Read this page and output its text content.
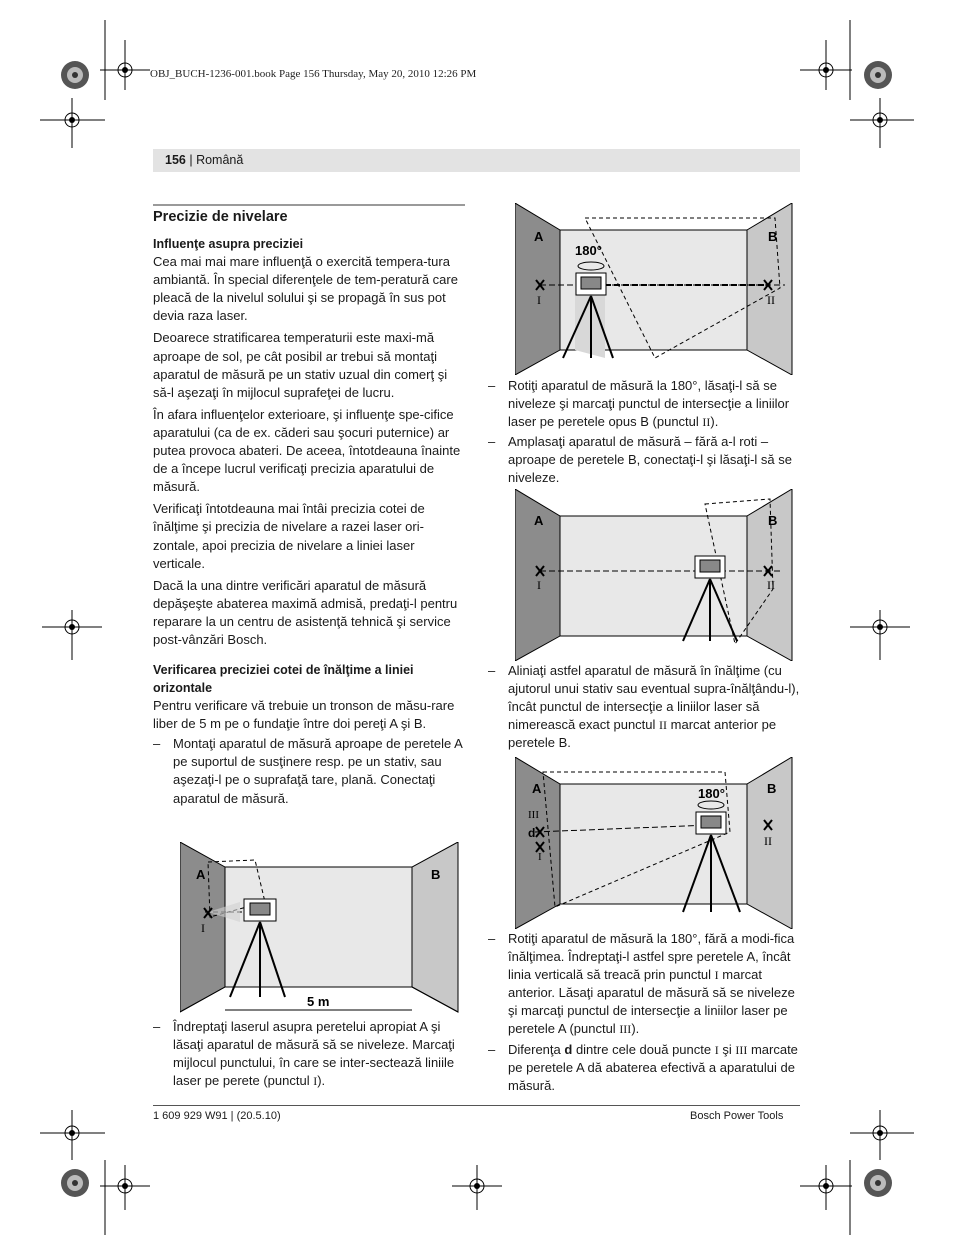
OBJ_BUCH-1236-001.book Page 156 Thursday, May 20, 2010 12:26 PM
156 | Română
Precizie de nivelare
Influenţe asupra preciziei

Cea mai mai mare influenţă o exercită tempera-tura ambiantă. În special diferenţele de tem-peratură care pleacă de la nivelul solului şi se propagă în sus pot devia raza laser.

Deoarece stratificarea temperaturii este maxi-mă aproape de sol, pe cât posibil ar trebui să montaţi aparatul de măsură pe un stativ uzual din comerţ şi să-l aşezaţi în mijlocul suprafeţei de lucru.

În afara influenţelor exterioare, şi influenţe spe-cifice aparatului (ca de ex. căderi sau şocuri puternice) ar putea provoca abateri. De aceea, întotdeauna înainte de a începe lucrul verificaţi precizia aparatului de măsură.

Verificaţi întotdeauna mai întâi precizia cotei de înălţime şi precizia de nivelare a razei laser ori-zontale, apoi precizia de nivelare a liniei laser verticale.

Dacă la una dintre verificări aparatul de măsură depăşeşte abaterea maximă admisă, predaţi-l pentru reparare la un centru de asistenţă tehnică şi service post-vânzări Bosch.

Verificarea preciziei cotei de înălţime a liniei orizontale

Pentru verificare vă trebuie un tronson de măsu-rare liber de 5 m pe o fundaţie între doi pereţi A şi B.

– Montaţi aparatul de măsură aproape de peretele A pe suportul de susţinere resp. pe un stativ, sau aşezaţi-l pe o suprafaţă tare, plană. Conectaţi aparatul de măsură.
A	B
I
5 m
– Îndreptaţi laserul asupra peretelui apropiat A şi lăsaţi aparatul de măsură să se niveleze. Marcaţi mijlocul punctului, în care se inter-sectează liniile laser pe perete (punctul I).
A	B
180°
I	II
– Rotiţi aparatul de măsură la 180°, lăsaţi-l să se niveleze şi marcaţi punctul de intersecţie a liniilor laser pe peretele opus B (punctul II).
– Amplasaţi aparatul de măsură – fără a-l roti – aproape de peretele B, conectaţi-l şi lăsaţi-l să se niveleze.
A	B
I	II
– Aliniaţi astfel aparatul de măsură în înălţime (cu ajutorul unui stativ sau eventual supra-înălţându-l), încât punctul de intersecţie a liniilor laser să nimerească exact punctul II marcat anterior pe peretele B.
A	B
180°
III
d
I
II
– Rotiţi aparatul de măsură la 180°, fără a modi-fica înălţimea. Îndreptaţi-l astfel spre peretele A, încât linia verticală să treacă prin punctul I marcat anterior. Lăsaţi aparatul de măsură să se niveleze şi marcaţi punctul de intersecţie a liniilor laser pe peretele A (punctul III).
– Diferenţa d dintre cele două puncte I şi III marcate pe peretele A dă abaterea efectivă a aparatului de măsură.
1 609 929 W91 | (20.5.10)	Bosch Power Tools
